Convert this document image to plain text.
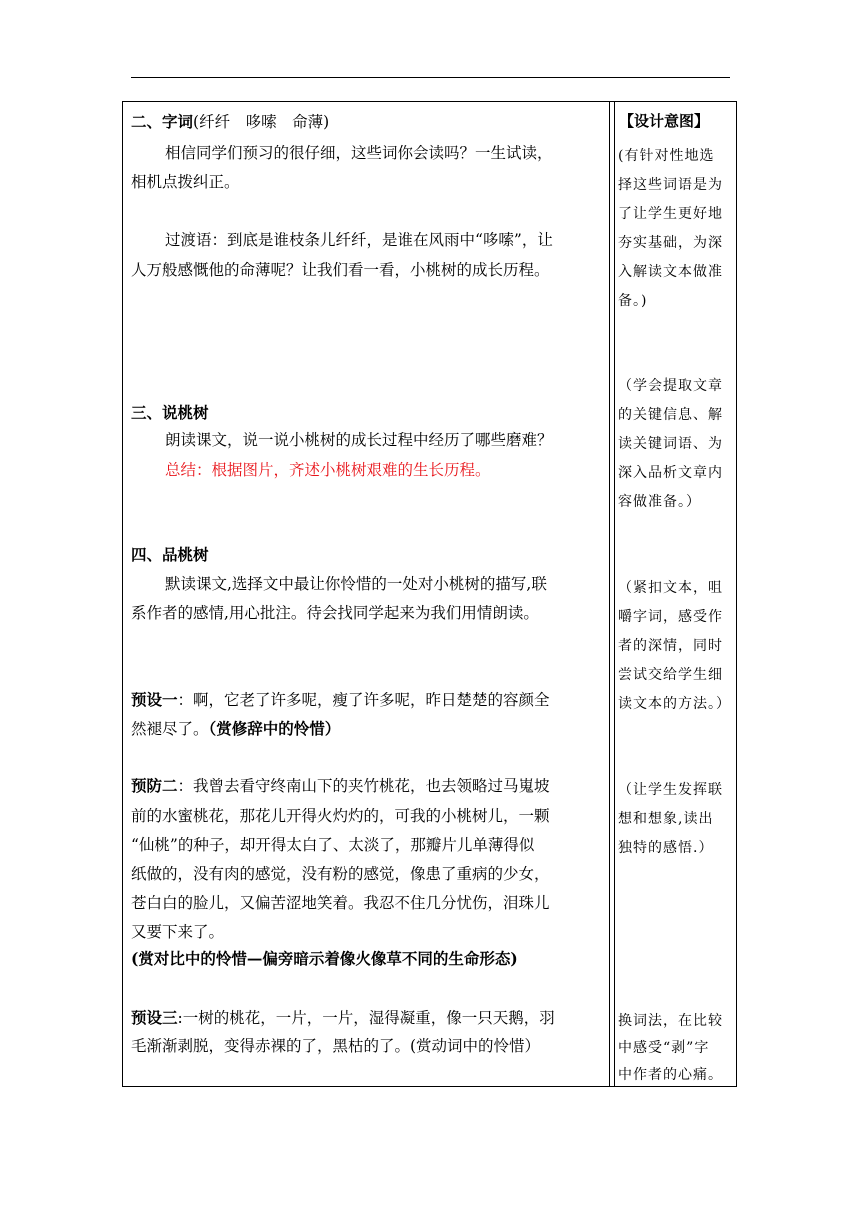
二、字词(纤纤　哆嗦　命薄)
相信同学们预习的很仔细，这些词你会读吗？一生试读，
相机点拨纠正。
过渡语：到底是谁枝条儿纤纤，是谁在风雨中“哆嗦”，让
人万般感慨他的命薄呢？让我们看一看，小桃树的成长历程。
三、说桃树
朗读课文，说一说小桃树的成长过程中经历了哪些磨难？
总结：根据图片，齐述小桃树艰难的生长历程。
四、品桃树
默读课文,选择文中最让你怜惜的一处对小桃树的描写,联
系作者的感情,用心批注。待会找同学起来为我们用情朗读。
预设一：啊，它老了许多呢，瘦了许多呢，昨日楚楚的容颜全
然褪尽了。（赏修辞中的怜惜）
预防二：我曾去看守终南山下的夹竹桃花，也去领略过马嵬坡
前的水蜜桃花，那花儿开得火灼灼的，可我的小桃树儿，一颗
“仙桃”的种子，却开得太白了、太淡了，那瓣片儿单薄得似
纸做的，没有肉的感觉，没有粉的感觉，像患了重病的少女，
苍白白的脸儿，又偏苦涩地笑着。我忍不住几分忧伤，泪珠儿
又要下来了。
(赏对比中的怜惜—偏旁暗示着像火像草不同的生命形态)
预设三:一树的桃花，一片，一片，湿得凝重，像一只天鹅，羽
毛渐渐剥脱，变得赤裸的了，黑枯的了。(赏动词中的怜惜）
【设计意图】
(有针对性地选
择这些词语是为
了让学生更好地
夯实基础，为深
入解读文本做准
备。)
（学会提取文章
的关键信息、解
读关键词语、为
深入品析文章内
容做准备。）
（紧扣文本，咀
嚼字词，感受作
者的深情，同时
尝试交给学生细
读文本的方法。）
（让学生发挥联
想和想象,读出
独特的感悟.）
换词法，在比较
中感受“剥”字
中作者的心痛。
